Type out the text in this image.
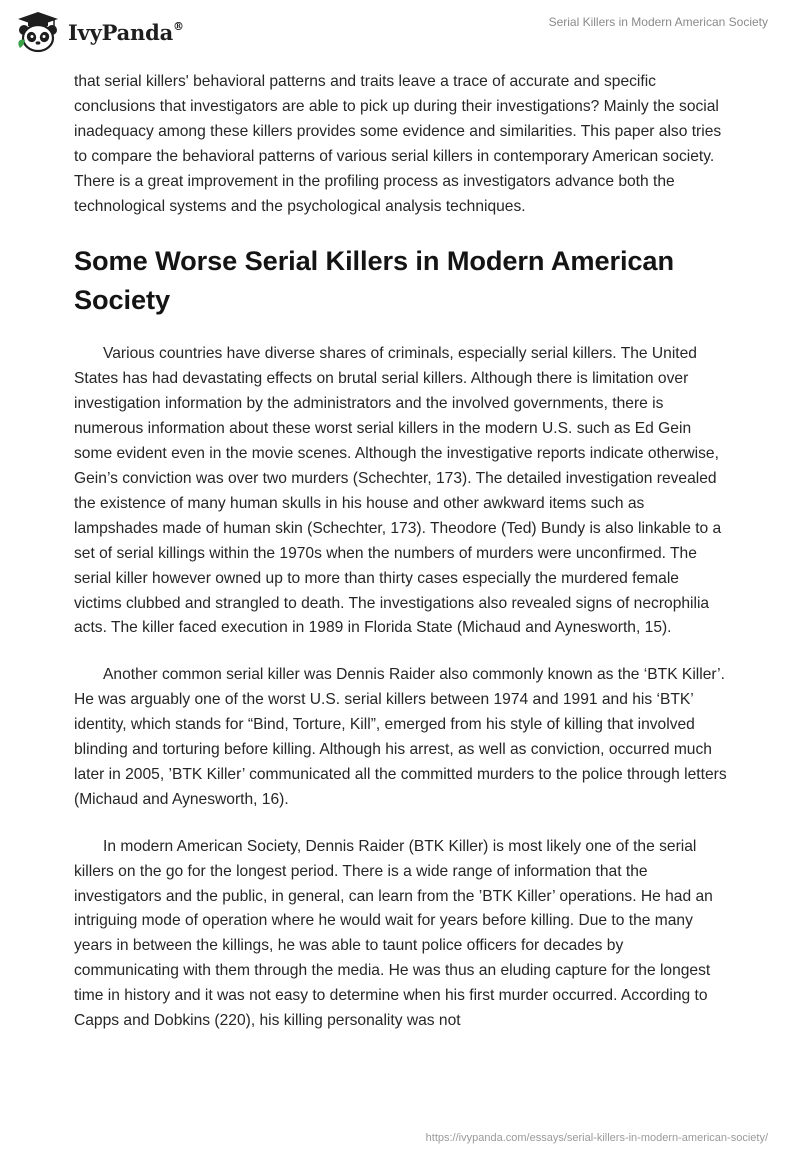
IvyPanda®	Serial Killers in Modern American Society

that serial killers' behavioral patterns and traits leave a trace of accurate and specific conclusions that investigators are able to pick up during their investigations? Mainly the social inadequacy among these killers provides some evidence and similarities. This paper also tries to compare the behavioral patterns of various serial killers in contemporary American society. There is a great improvement in the profiling process as investigators advance both the technological systems and the psychological analysis techniques.

Some Worse Serial Killers in Modern American Society

Various countries have diverse shares of criminals, especially serial killers. The United States has had devastating effects on brutal serial killers. Although there is limitation over investigation information by the administrators and the involved governments, there is numerous information about these worst serial killers in the modern U.S. such as Ed Gein some evident even in the movie scenes. Although the investigative reports indicate otherwise, Gein’s conviction was over two murders (Schechter, 173). The detailed investigation revealed the existence of many human skulls in his house and other awkward items such as lampshades made of human skin (Schechter, 173). Theodore (Ted) Bundy is also linkable to a set of serial killings within the 1970s when the numbers of murders were unconfirmed. The serial killer however owned up to more than thirty cases especially the murdered female victims clubbed and strangled to death. The investigations also revealed signs of necrophilia acts. The killer faced execution in 1989 in Florida State (Michaud and Aynesworth, 15).

Another common serial killer was Dennis Raider also commonly known as the ‘BTK Killer’. He was arguably one of the worst U.S. serial killers between 1974 and 1991 and his ‘BTK’ identity, which stands for “Bind, Torture, Kill”, emerged from his style of killing that involved blinding and torturing before killing. Although his arrest, as well as conviction, occurred much later in 2005, ’BTK Killer’ communicated all the committed murders to the police through letters (Michaud and Aynesworth, 16).

In modern American Society, Dennis Raider (BTK Killer) is most likely one of the serial killers on the go for the longest period. There is a wide range of information that the investigators and the public, in general, can learn from the ’BTK Killer’ operations. He had an intriguing mode of operation where he would wait for years before killing. Due to the many years in between the killings, he was able to taunt police officers for decades by communicating with them through the media. He was thus an eluding capture for the longest time in history and it was not easy to determine when his first murder occurred. According to Capps and Dobkins (220), his killing personality was not

https://ivypanda.com/essays/serial-killers-in-modern-american-society/
